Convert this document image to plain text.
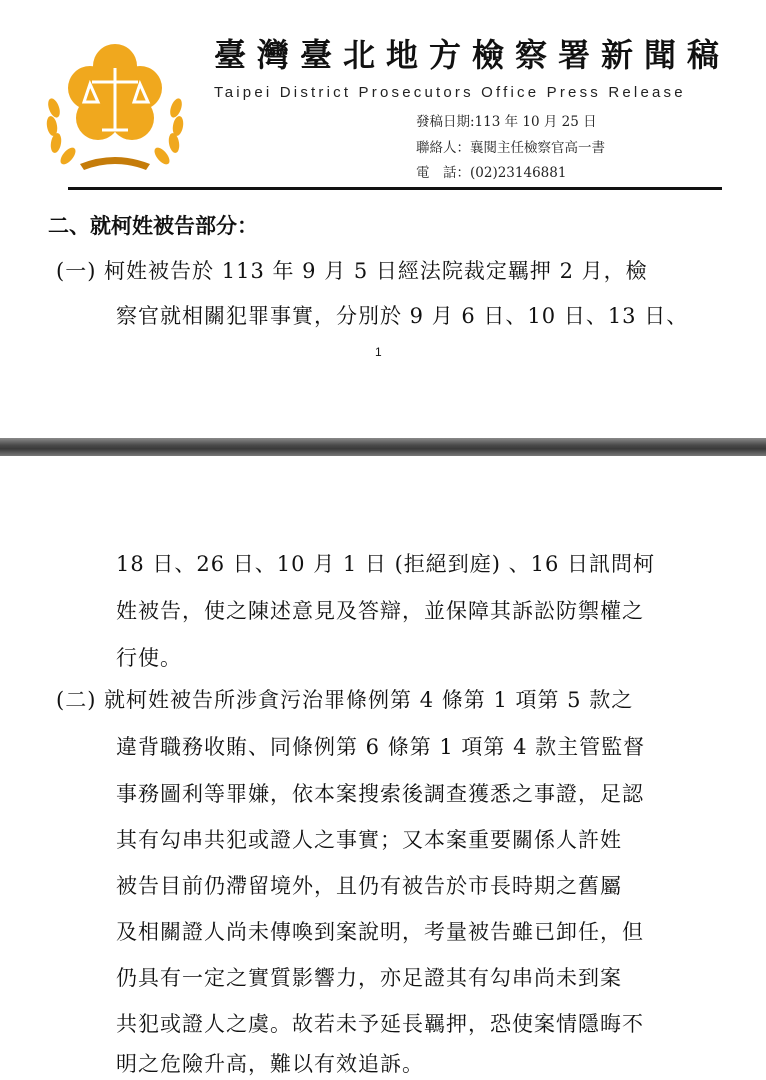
臺灣臺北地方檢察署新聞稿
Taipei District Prosecutors Office Press Release
發稿日期:113 年 10 月 25 日
聯絡人：襄閱主任檢察官高一書
電　話：(02)23146881
二、就柯姓被告部分：
(一) 柯姓被告於 113 年 9 月 5 日經法院裁定羈押 2 月，檢
察官就相關犯罪事實，分別於 9 月 6 日、10 日、13 日、
1
18 日、26 日、10 月 1 日 (拒絕到庭) 、16 日訊問柯
姓被告，使之陳述意見及答辯，並保障其訴訟防禦權之
行使。
(二) 就柯姓被告所涉貪污治罪條例第 4 條第 1 項第 5 款之
違背職務收賄、同條例第 6 條第 1 項第 4 款主管監督
事務圖利等罪嫌，依本案搜索後調查獲悉之事證，足認
其有勾串共犯或證人之事實；又本案重要關係人許姓
被告目前仍滯留境外，且仍有被告於市長時期之舊屬
及相關證人尚未傳喚到案說明，考量被告雖已卸任，但
仍具有一定之實質影響力，亦足證其有勾串尚未到案
共犯或證人之虞。故若未予延長羈押，恐使案情隱晦不
明之危險升高，難以有效追訴。
